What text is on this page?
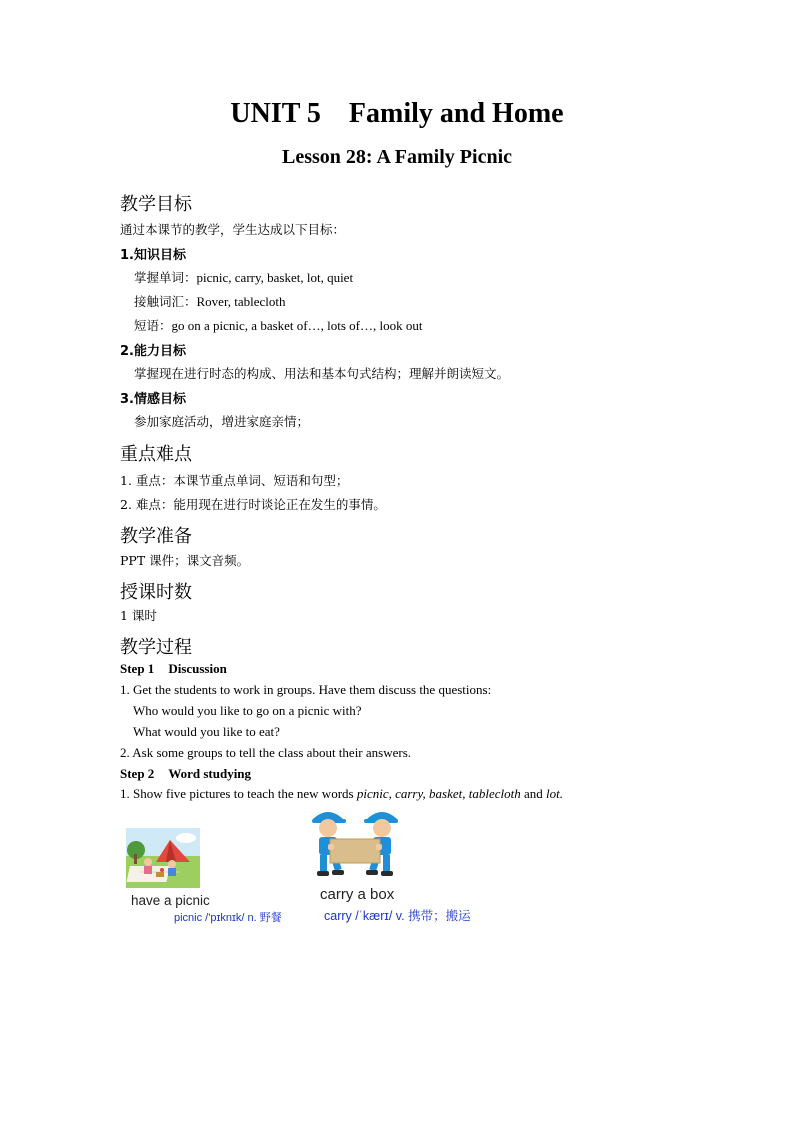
UNIT 5 Family and Home
Lesson 28: A Family Picnic
教学目标
通过本课节的教学，学生达成以下目标：
1.知识目标
掌握单词：picnic, carry, basket, lot, quiet
接触词汇：Rover, tablecloth
短语：go on a picnic, a basket of…, lots of…, look out
2.能力目标
掌握现在进行时态的构成、用法和基本句式结构；理解并朗读短文。
3.情感目标
参加家庭活动，增进家庭亲情；
重点难点
1. 重点：本课节重点单词、短语和句型；
2. 难点：能用现在进行时谈论正在发生的事情。
教学准备
PPT 课件；课文音频。
授课时数
1 课时
教学过程
Step 1 Discussion
1. Get the students to work in groups. Have them discuss the questions:
Who would you like to go on a picnic with?
What would you like to eat?
2. Ask some groups to tell the class about their answers.
Step 2 Word studying
1. Show five pictures to teach the new words picnic, carry, basket, tablecloth and lot.
have a picnic
picnic /'pɪknɪk/ n. 野餐
carry a box
carry /ˈkærɪ/ v. 携带；搬运
